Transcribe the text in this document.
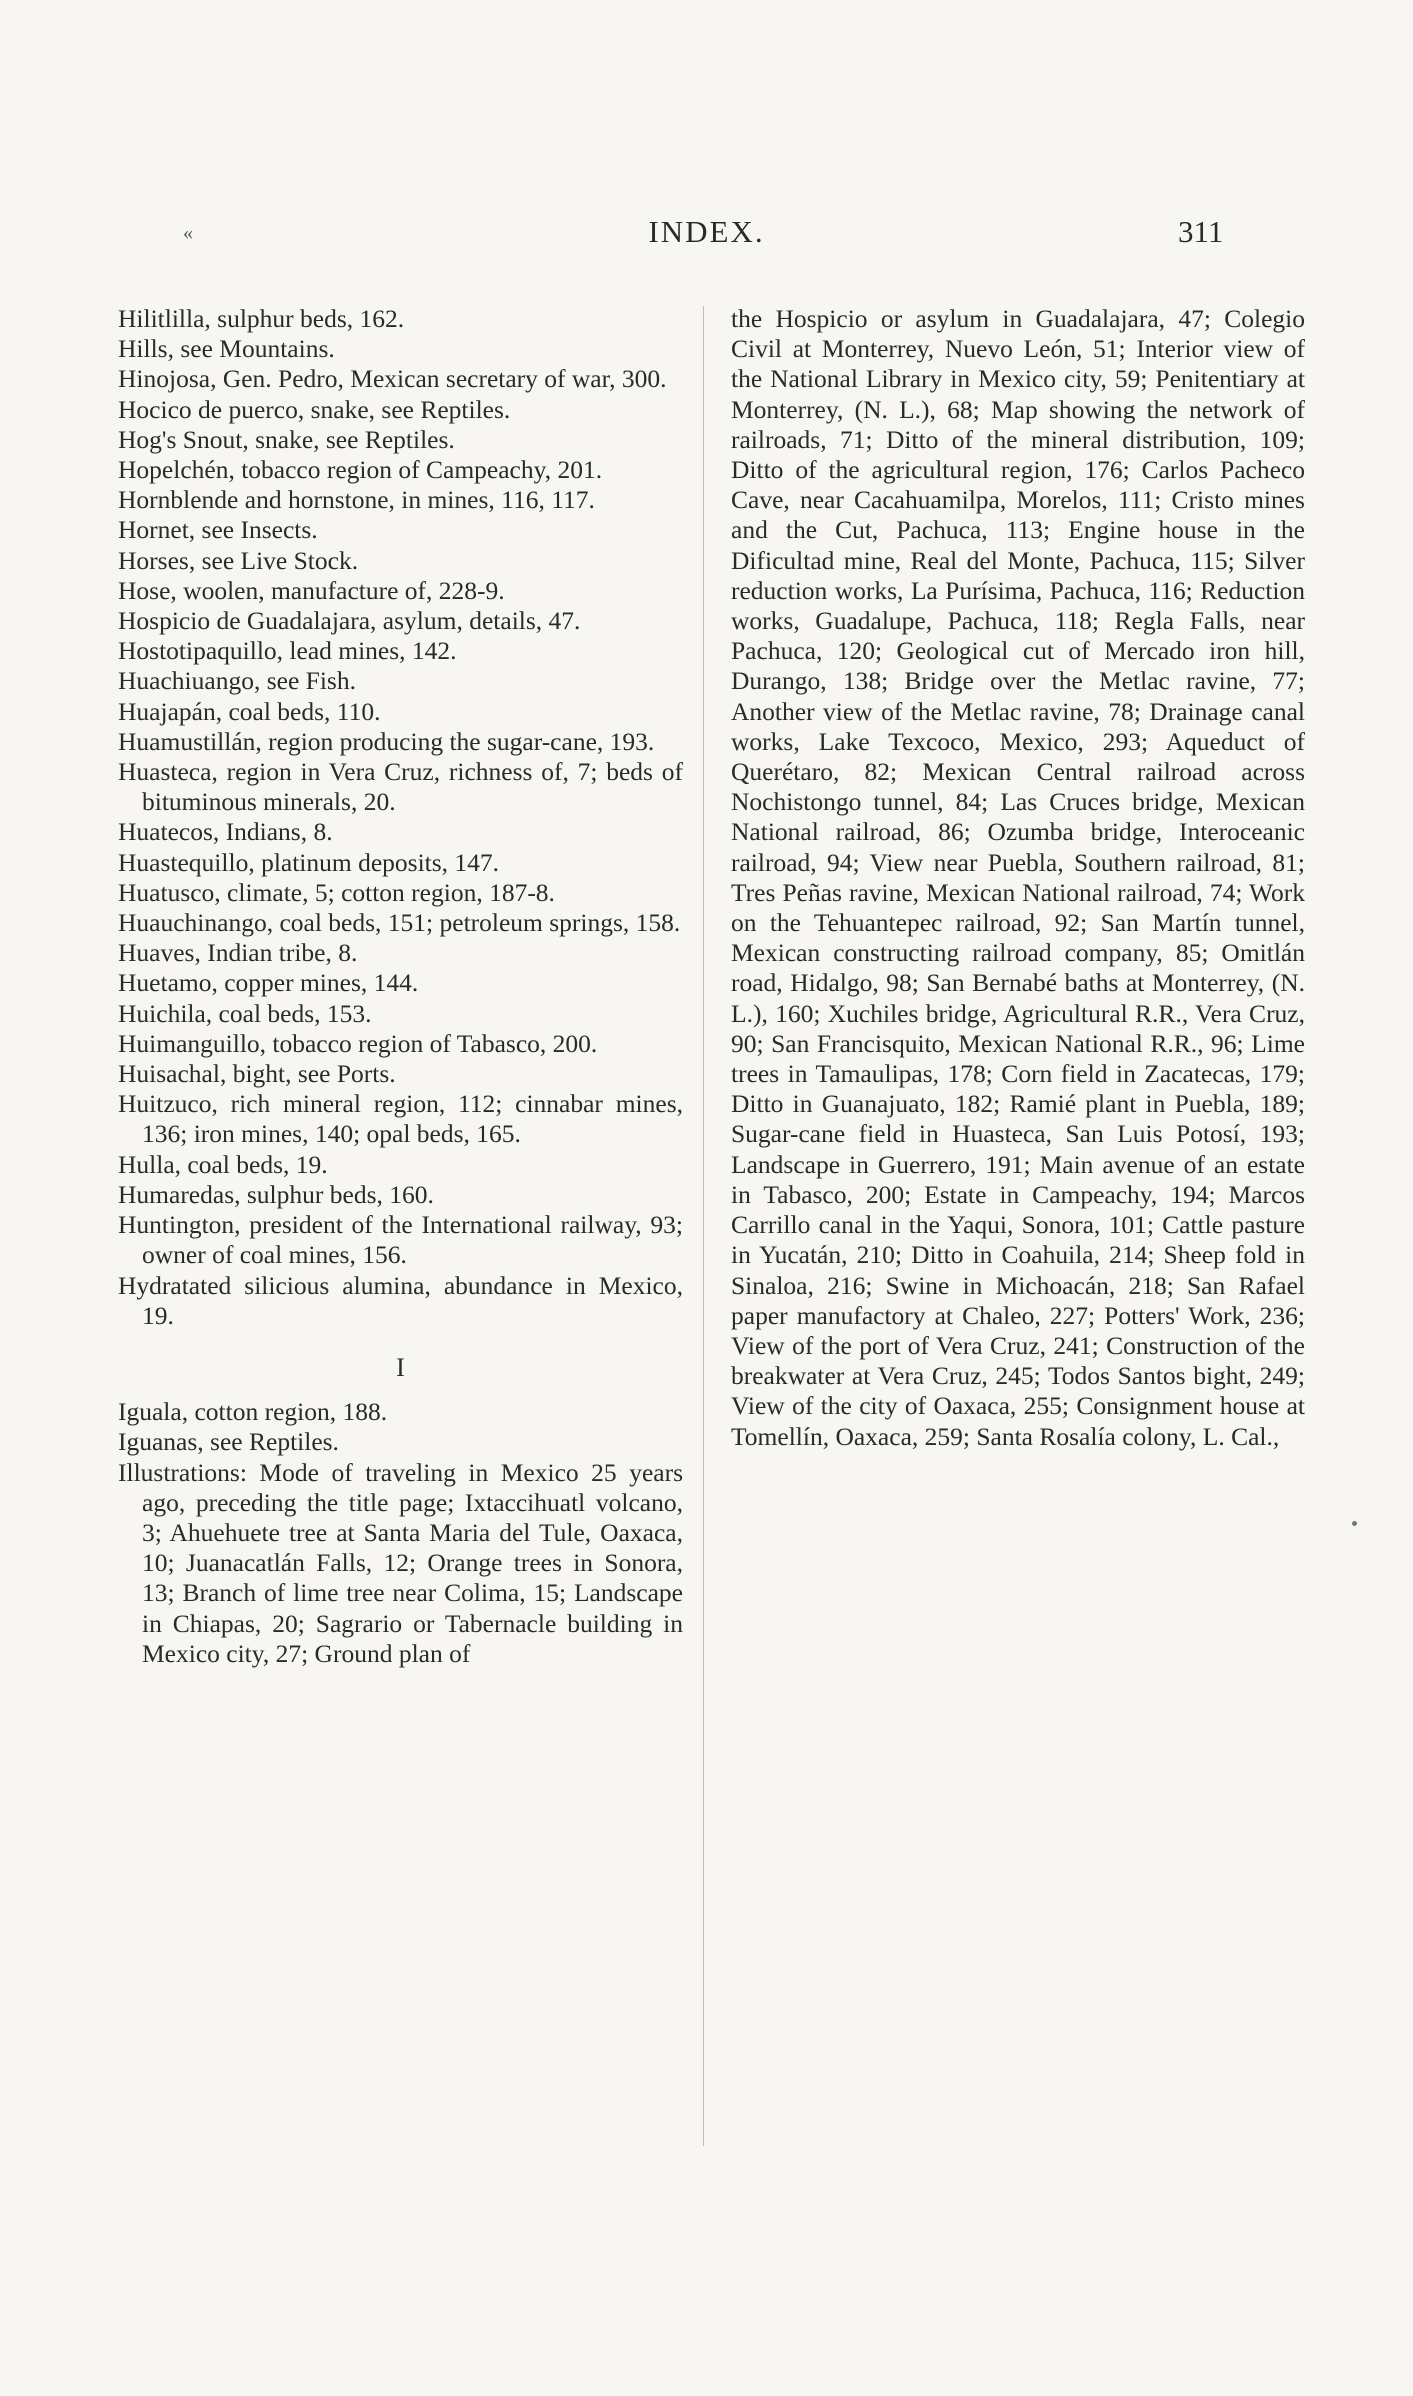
«	INDEX.	311

Hilitlilla, sulphur beds, 162.

Hills, see Mountains.

Hinojosa, Gen. Pedro, Mexican secretary of war, 300.

Hocico de puerco, snake, see Reptiles.

Hog's Snout, snake, see Reptiles.

Hopelchén, tobacco region of Campeachy, 201.

Hornblende and hornstone, in mines, 116, 117.

Hornet, see Insects.

Horses, see Live Stock.

Hose, woolen, manufacture of, 228-9.

Hospicio de Guadalajara, asylum, details, 47.

Hostotipaquillo, lead mines, 142.

Huachiuango, see Fish.

Huajapán, coal beds, 110.

Huamustillán, region producing the sugar-cane, 193.

Huasteca, region in Vera Cruz, richness of, 7; beds of bituminous minerals, 20.

Huatecos, Indians, 8.

Huastequillo, platinum deposits, 147.

Huatusco, climate, 5; cotton region, 187-8.

Huauchinango, coal beds, 151; petroleum springs, 158.

Huaves, Indian tribe, 8.

Huetamo, copper mines, 144.

Huichila, coal beds, 153.

Huimanguillo, tobacco region of Tabasco, 200.

Huisachal, bight, see Ports.

Huitzuco, rich mineral region, 112; cinnabar mines, 136; iron mines, 140; opal beds, 165.

Hulla, coal beds, 19.

Humaredas, sulphur beds, 160.

Huntington, president of the International railway, 93; owner of coal mines, 156.

Hydratated silicious alumina, abundance in Mexico, 19.

I

Iguala, cotton region, 188.

Iguanas, see Reptiles.

Illustrations: Mode of traveling in Mexico 25 years ago, preceding the title page; Ixtaccihuatl volcano, 3; Ahuehuete tree at Santa Maria del Tule, Oaxaca, 10; Juanacatlán Falls, 12; Orange trees in Sonora, 13; Branch of lime tree near Colima, 15; Landscape in Chiapas, 20; Sagrario or Tabernacle building in Mexico city, 27; Ground plan of

the Hospicio or asylum in Guadalajara, 47; Colegio Civil at Monterrey, Nuevo León, 51; Interior view of the National Library in Mexico city, 59; Penitentiary at Monterrey, (N. L.), 68; Map showing the network of railroads, 71; Ditto of the mineral distribution, 109; Ditto of the agricultural region, 176; Carlos Pacheco Cave, near Cacahuamilpa, Morelos, 111; Cristo mines and the Cut, Pachuca, 113; Engine house in the Dificultad mine, Real del Monte, Pachuca, 115; Silver reduction works, La Purísima, Pachuca, 116; Reduction works, Guadalupe, Pachuca, 118; Regla Falls, near Pachuca, 120; Geological cut of Mercado iron hill, Durango, 138; Bridge over the Metlac ravine, 77; Another view of the Metlac ravine, 78; Drainage canal works, Lake Texcoco, Mexico, 293; Aqueduct of Querétaro, 82; Mexican Central railroad across Nochistongo tunnel, 84; Las Cruces bridge, Mexican National railroad, 86; Ozumba bridge, Interoceanic railroad, 94; View near Puebla, Southern railroad, 81; Tres Peñas ravine, Mexican National railroad, 74; Work on the Tehuantepec railroad, 92; San Martín tunnel, Mexican constructing railroad company, 85; Omitlán road, Hidalgo, 98; San Bernabé baths at Monterrey, (N. L.), 160; Xuchiles bridge, Agricultural R.R., Vera Cruz, 90; San Francisquito, Mexican National R.R., 96; Lime trees in Tamaulipas, 178; Corn field in Zacatecas, 179; Ditto in Guanajuato, 182; Ramié plant in Puebla, 189; Sugar-cane field in Huasteca, San Luis Potosí, 193; Landscape in Guerrero, 191; Main avenue of an estate in Tabasco, 200; Estate in Campeachy, 194; Marcos Carrillo canal in the Yaqui, Sonora, 101; Cattle pasture in Yucatán, 210; Ditto in Coahuila, 214; Sheep fold in Sinaloa, 216; Swine in Michoacán, 218; San Rafael paper manufactory at Chaleo, 227; Potters' Work, 236; View of the port of Vera Cruz, 241; Construction of the breakwater at Vera Cruz, 245; Todos Santos bight, 249; View of the city of Oaxaca, 255; Consignment house at Tomellín, Oaxaca, 259; Santa Rosalía colony, L. Cal.,
